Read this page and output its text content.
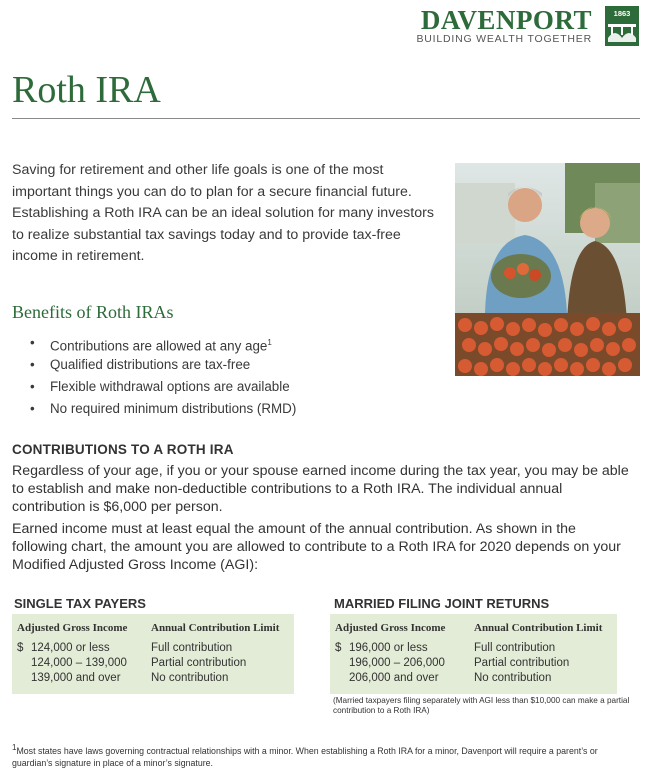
DAVENPORT
BUILDING WEALTH TOGETHER
1863
Roth IRA
Saving for retirement and other life goals is one of the most important things you can do to plan for a secure financial future. Establishing a Roth IRA can be an ideal solution for many investors to realize substantial tax savings today and to provide tax-free income in retirement.
Benefits of Roth IRAs
• Contributions are allowed at any age$^1$
• Qualified distributions are tax-free
• Flexible withdrawal options are available
• No required minimum distributions (RMD)
CONTRIBUTIONS TO A ROTH IRA
Regardless of your age, if you or your spouse earned income during the tax year, you may be able to establish and make non-deductible contributions to a Roth IRA. The individual annual contribution is $6,000 per person.
Earned income must at least equal the amount of the annual contribution. As shown in the following chart, the amount you are allowed to contribute to a Roth IRA for 2020 depends on your Modified Adjusted Gross Income (AGI):
SINGLE TAX PAYERS
Adjusted Gross Income Annual Contribution Limit
$ 124,000 or less	Full contribution
124,000 – 139,000 Partial contribution
139,000 and over	No contribution
MARRIED FILING JOINT RETURNS
Adjusted Gross Income	Annual Contribution Limit
$ 196,000 or less	Full contribution
196,000 – 206,000	Partial contribution
206,000 and over	No contribution
(Married taxpayers filing separately with AGI less than $10,000 can make a partial contribution to a Roth IRA)
$^1$Most states have laws governing contractual relationships with a minor. When establishing a Roth IRA for a minor, Davenport will require a parent’s or guardian’s signature in place of a minor’s signature.
